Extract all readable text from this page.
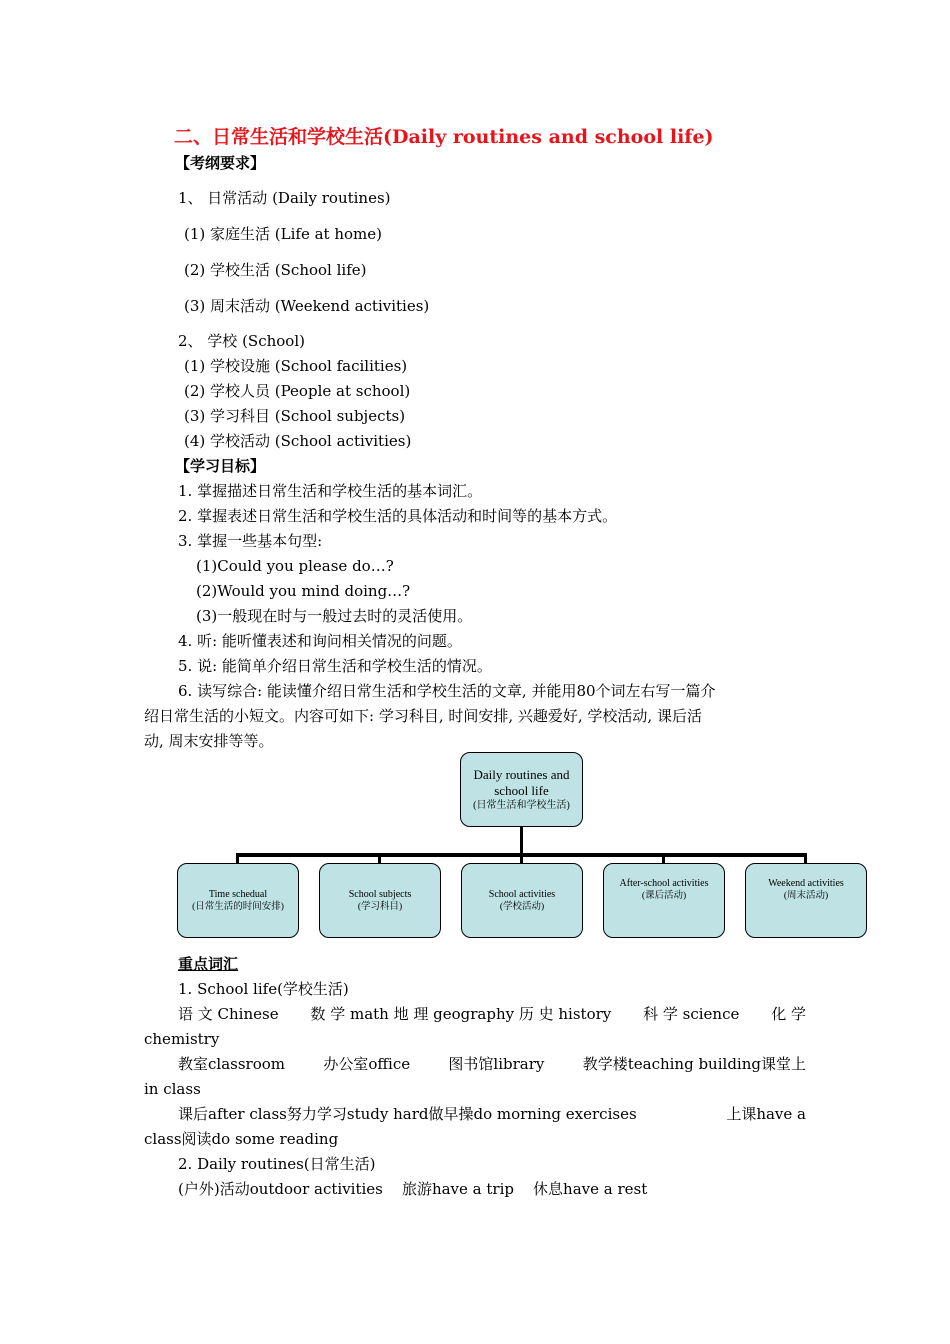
二、日常生活和学校生活(Daily routines and school life)
【考纲要求】
1、 日常活动 (Daily routines)
(1) 家庭生活 (Life at home)
(2) 学校生活 (School life)
(3) 周末活动 (Weekend activities)
2、 学校 (School)
(1) 学校设施 (School facilities)
(2) 学校人员 (People at school)
(3) 学习科目 (School subjects)
(4) 学校活动 (School activities)
【学习目标】
1. 掌握描述日常生活和学校生活的基本词汇。
2. 掌握表述日常生活和学校生活的具体活动和时间等的基本方式。
3. 掌握一些基本句型:
(1)Could you please do…?
(2)Would you mind doing…?
(3)一般现在时与一般过去时的灵活使用。
4. 听: 能听懂表述和询问相关情况的问题。
5. 说: 能简单介绍日常生活和学校生活的情况。
6. 读写综合: 能读懂介绍日常生活和学校生活的文章, 并能用80个词左右写一篇介
绍日常生活的小短文。内容可如下: 学习科目, 时间安排, 兴趣爱好, 学校活动, 课后活
动, 周末安排等等。
Daily routines and school life
(日常生活和学校生活)
Time schedual
(日常生活的时间安排)
School subjects
(学习科目)
School activities
(学校活动)
After-school activities
(课后活动)
Weekend activities
(周末活动)
重点词汇
1. School life(学校生活)
语 文 Chinese 数 学 math 地 理 geography 历 史 history 科 学 science 化 学
chemistry
教室classroom	办公室office	图书馆library	教学楼teaching building课堂上
in class
课后after class努力学习study hard做早操do morning exercises	上课have a
class阅读do some reading
2. Daily routines(日常生活)
(户外)活动outdoor activities    旅游have a trip    休息have a rest
